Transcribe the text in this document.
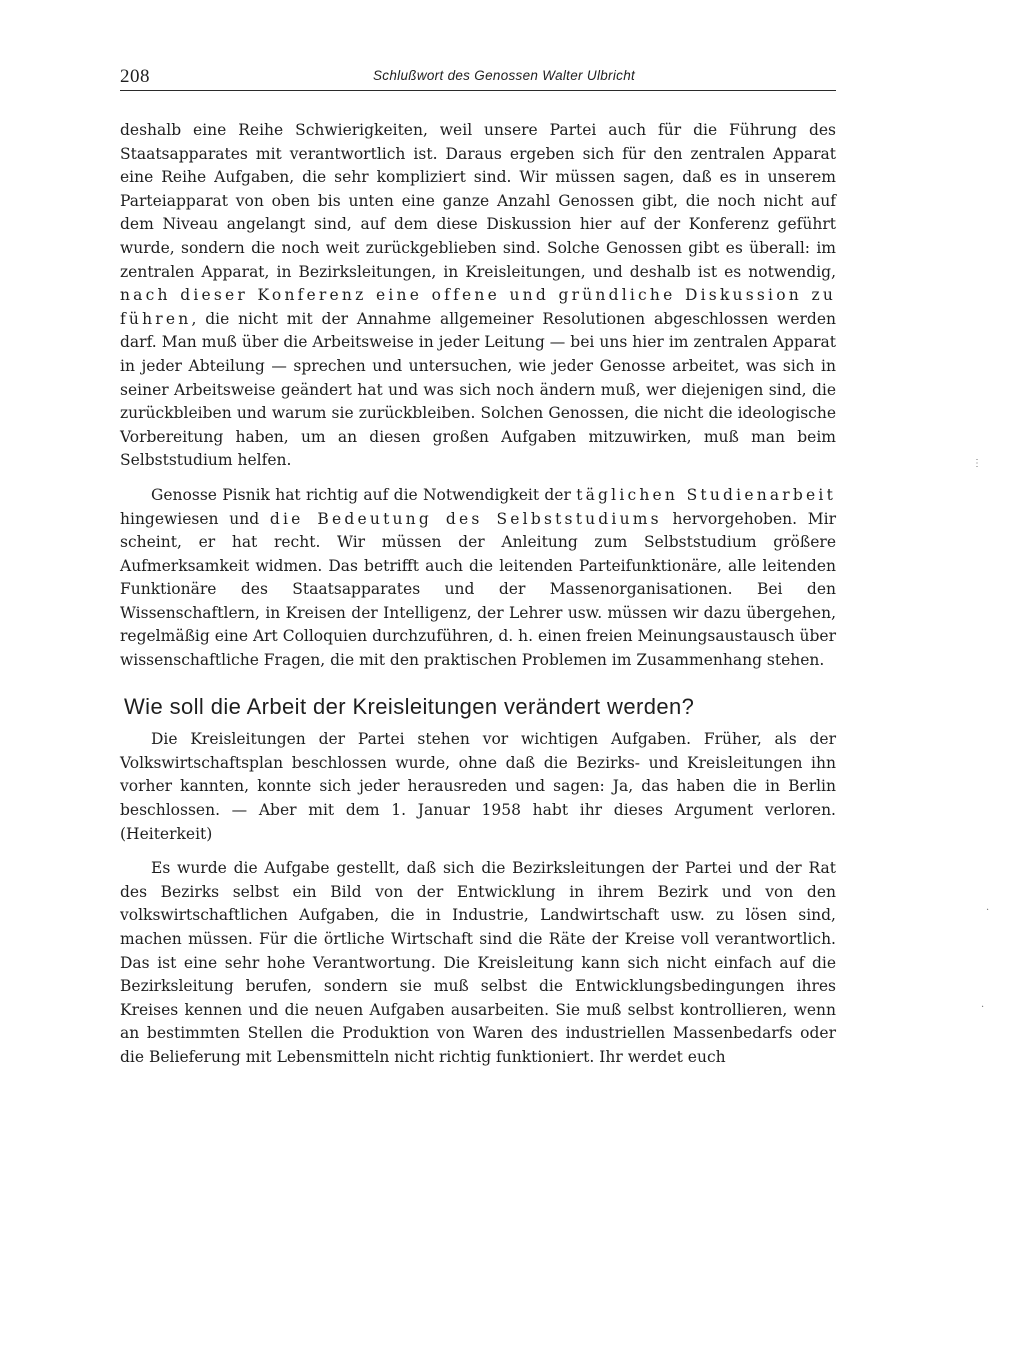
208	Schlußwort des Genossen Walter Ulbricht

deshalb eine Reihe Schwierigkeiten, weil unsere Partei auch für die Führung des Staatsapparates mit verantwortlich ist. Daraus ergeben sich für den zentralen Apparat eine Reihe Aufgaben, die sehr kompliziert sind. Wir müssen sagen, daß es in unserem Parteiapparat von oben bis unten eine ganze Anzahl Genossen gibt, die noch nicht auf dem Niveau angelangt sind, auf dem diese Diskussion hier auf der Konferenz geführt wurde, sondern die noch weit zurückgeblieben sind. Solche Genossen gibt es überall: im zentralen Apparat, in Bezirksleitungen, in Kreisleitungen, und deshalb ist es notwendig, nach dieser Konferenz eine offene und gründliche Diskussion zu führen, die nicht mit der Annahme allgemeiner Resolutionen abgeschlossen werden darf. Man muß über die Arbeitsweise in jeder Leitung — bei uns hier im zentralen Apparat in jeder Abteilung — sprechen und untersuchen, wie jeder Genosse arbeitet, was sich in seiner Arbeitsweise geändert hat und was sich noch ändern muß, wer diejenigen sind, die zurückbleiben und warum sie zurückbleiben. Solchen Genossen, die nicht die ideologische Vorbereitung haben, um an diesen großen Aufgaben mitzuwirken, muß man beim Selbststudium helfen.

Genosse Pisnik hat richtig auf die Notwendigkeit der täglichen Studienarbeit hingewiesen und die Bedeutung des Selbststudiums hervorgehoben. Mir scheint, er hat recht. Wir müssen der Anleitung zum Selbststudium größere Aufmerksamkeit widmen. Das betrifft auch die leitenden Parteifunktionäre, alle leitenden Funktionäre des Staatsapparates und der Massenorganisationen. Bei den Wissenschaftlern, in Kreisen der Intelligenz, der Lehrer usw. müssen wir dazu übergehen, regelmäßig eine Art Colloquien durchzuführen, d. h. einen freien Meinungsaustausch über wissenschaftliche Fragen, die mit den praktischen Problemen im Zusammenhang stehen.

Wie soll die Arbeit der Kreisleitungen verändert werden?

Die Kreisleitungen der Partei stehen vor wichtigen Aufgaben. Früher, als der Volkswirtschaftsplan beschlossen wurde, ohne daß die Bezirks- und Kreisleitungen ihn vorher kannten, konnte sich jeder herausreden und sagen: Ja, das haben die in Berlin beschlossen. — Aber mit dem 1. Januar 1958 habt ihr dieses Argument verloren. (Heiterkeit)

Es wurde die Aufgabe gestellt, daß sich die Bezirksleitungen der Partei und der Rat des Bezirks selbst ein Bild von der Entwicklung in ihrem Bezirk und von den volkswirtschaftlichen Aufgaben, die in Industrie, Landwirtschaft usw. zu lösen sind, machen müssen. Für die örtliche Wirtschaft sind die Räte der Kreise voll verantwortlich. Das ist eine sehr hohe Verantwortung. Die Kreisleitung kann sich nicht einfach auf die Bezirksleitung berufen, sondern sie muß selbst die Entwicklungsbedingungen ihres Kreises kennen und die neuen Aufgaben ausarbeiten. Sie muß selbst kontrollieren, wenn an bestimmten Stellen die Produktion von Waren des industriellen Massenbedarfs oder die Belieferung mit Lebensmitteln nicht richtig funktioniert. Ihr werdet euch

⋮
·
·
